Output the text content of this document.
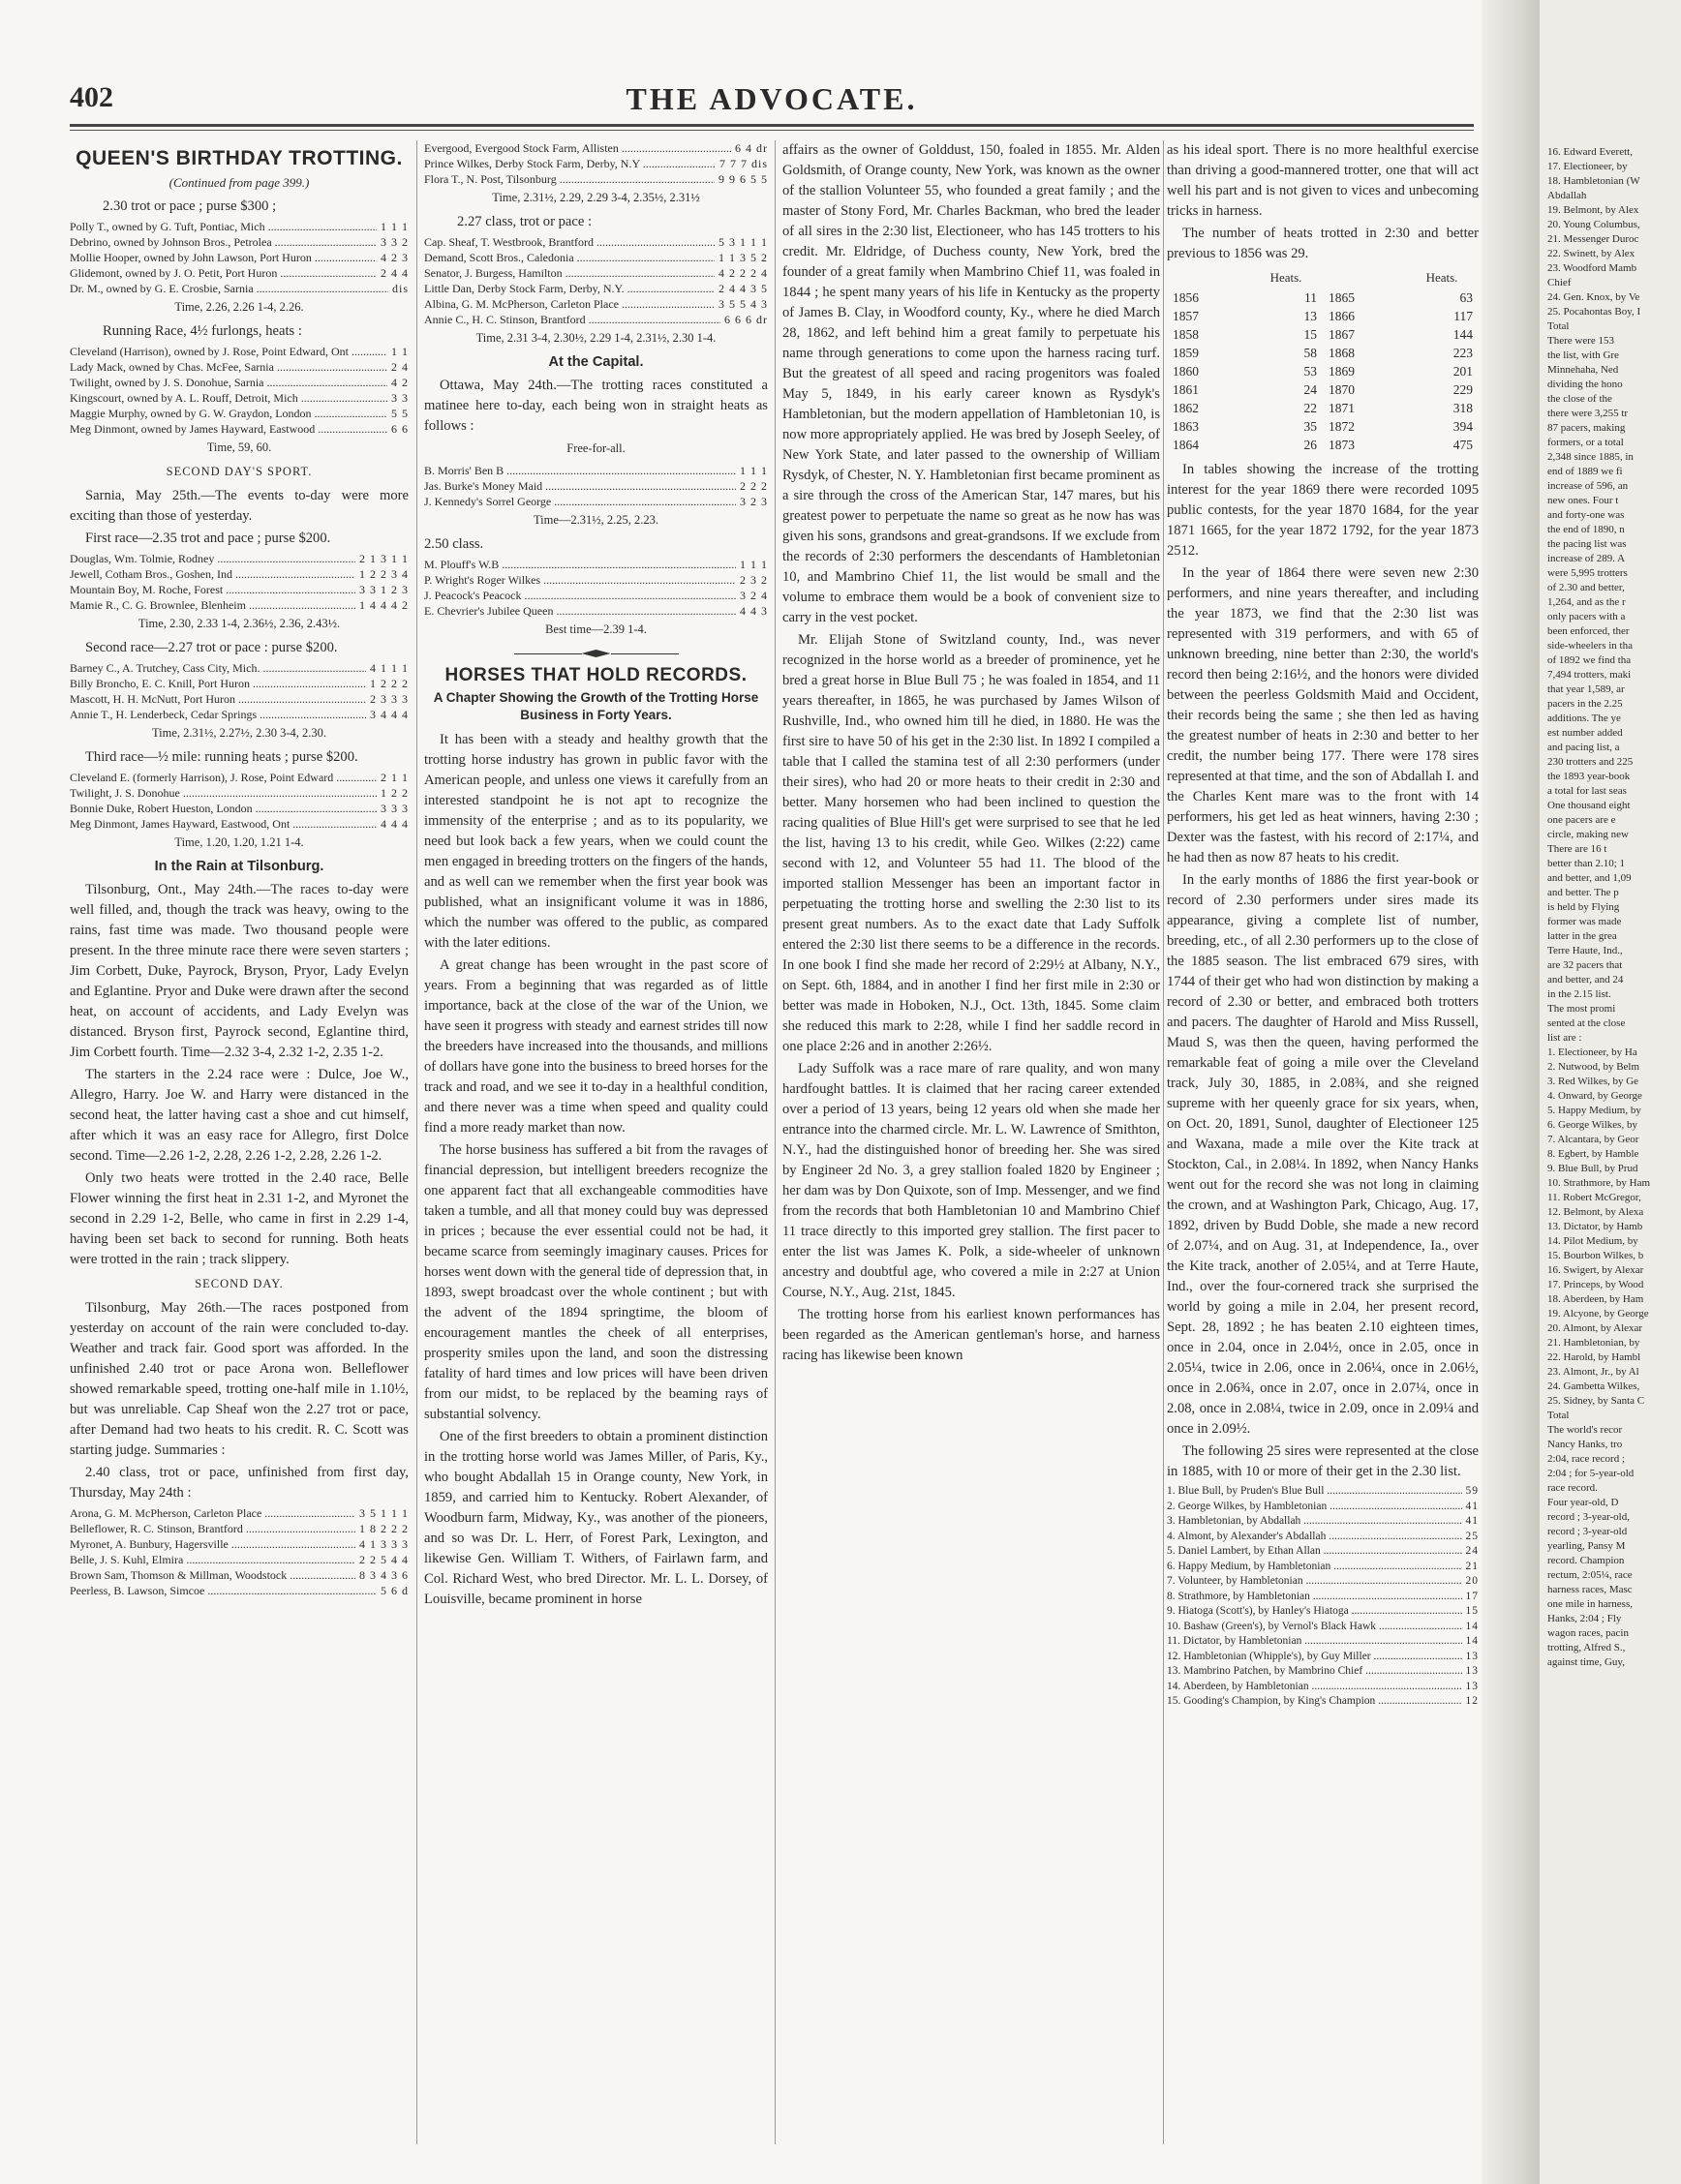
402	THE ADVOCATE.
QUEEN'S BIRTHDAY TROTTING.
(Continued from page 399.)

2.30 trot or pace ; purse $300 ;

Polly T., owned by G. Tuft, Pontiac, Mich .....	1 1 1
Debrino, owned by Johnson Bros., Petrolea .....	3 3 2
Mollie Hooper, owned by John Lawson, Port Huron .....	4 2 3
Glidemont, owned by J. O. Petit, Port Huron .....	2 4 4
Dr. M., owned by G. E. Crosbie, Sarnia .....	dis
Time, 2.26, 2.26 1-4, 2.26.

Running Race, 4½ furlongs, heats :

Cleveland (Harrison), owned by J. Rose, Point Edward, Ont .....	1 1
Lady Mack, owned by Chas. McFee, Sarnia .....	2 4
Twilight, owned by J. S. Donohue, Sarnia .....	4 2
Kingscourt, owned by A. L. Rouff, Detroit, Mich .....	3 3
Maggie Murphy, owned by G. W. Graydon, London .....	5 5
Meg Dinmont, owned by James Hayward, Eastwood .....	6 6
Time, 59, 60.
SECOND DAY'S SPORT.

Sarnia, May 25th.—The events to-day were more exciting than those of yesterday.

First race—2.35 trot and pace ; purse $200.

Douglas, Wm. Tolmie, Rodney .....	2 1 3 1 1
Jewell, Cotham Bros., Goshen, Ind .....	1 2 2 3 4
Mountain Boy, M. Roche, Forest .....	3 3 1 2 3
Mamie R., C. G. Brownlee, Blenheim .....	1 4 4 4 2
Time, 2.30, 2.33 1-4, 2.36½, 2.36, 2.43½.

Second race—2.27 trot or pace : purse $200.

Barney C., A. Trutchey, Cass City, Mich. .....	4 1 1 1
Billy Broncho, E. C. Knill, Port Huron .....	1 2 2 2
Mascott, H. H. McNutt, Port Huron .....	2 3 3 3
Annie T., H. Lenderbeck, Cedar Springs .....	3 4 4 4
Time, 2.31½, 2.27½, 2.30 3-4, 2.30.

Third race—½ mile: running heats ; purse $200.

Cleveland E. (formerly Harrison), J. Rose, Point Edward .....	2 1 1
Twilight, J. S. Donohue .....	1 2 2
Bonnie Duke, Robert Hueston, London .....	3 3 3
Meg Dinmont, James Hayward, Eastwood, Ont .....	4 4 4
Time, 1.20, 1.20, 1.21 1-4.
In the Rain at Tilsonburg.

Tilsonburg, Ont., May 24th.—The races to-day were well filled, and, though the track was heavy, owing to the rains, fast time was made. Two thousand people were present. In the three minute race there were seven starters ; Jim Corbett, Duke, Payrock, Bryson, Pryor, Lady Evelyn and Eglantine. Pryor and Duke were drawn after the second heat, on account of accidents, and Lady Evelyn was distanced. Bryson first, Payrock second, Eglantine third, Jim Corbett fourth. Time—2.32 3-4, 2.32 1-2, 2.35 1-2.

The starters in the 2.24 race were : Dulce, Joe W., Allegro, Harry. Joe W. and Harry were distanced in the second heat, the latter having cast a shoe and cut himself, after which it was an easy race for Allegro, first Dolce second. Time—2.26 1-2, 2.28, 2.26 1-2, 2.28, 2.26 1-2.

Only two heats were trotted in the 2.40 race, Belle Flower winning the first heat in 2.31 1-2, and Myronet the second in 2.29 1-2, Belle, who came in first in 2.29 1-4, having been set back to second for running. Both heats were trotted in the rain ; track slippery.

SECOND DAY.

Tilsonburg, May 26th.—The races postponed from yesterday on account of the rain were concluded to-day. Weather and track fair. Good sport was afforded. In the unfinished 2.40 trot or pace Arona won. Belleflower showed remarkable speed, trotting one-half mile in 1.10½, but was unreliable. Cap Sheaf won the 2.27 trot or pace, after Demand had two heats to his credit. R. C. Scott was starting judge. Summaries :

2.40 class, trot or pace, unfinished from first day, Thursday, May 24th :

Arona, G. M. McPherson, Carleton Place .....	3 5 1 1 1
Belleflower, R. C. Stinson, Brantford .....	1 8 2 2 2
Myronet, A. Bunbury, Hagersville .....	4 1 3 3 3
Belle, J. S. Kuhl, Elmira .....	2 2 5 4 4
Brown Sam, Thomson & Millman, Woodstock .....	8 3 4 3 6
Peerless, B. Lawson, Simcoe .....	5 6 d
Evergood, Evergood Stock Farm, Allisten .....	6 4 dr
Prince Wilkes, Derby Stock Farm, Derby, N.Y .....	7 7 7 dis
Flora T., N. Post, Tilsonburg .....	9 9 6 5 5
Time, 2.31½, 2.29, 2.29 3-4, 2.35½, 2.31½

2.27 class, trot or pace :

Cap. Sheaf, T. Westbrook, Brantford .....	5 3 1 1 1
Demand, Scott Bros., Caledonia .....	1 1 3 5 2
Senator, J. Burgess, Hamilton .....	4 2 2 2 4
Little Dan, Derby Stock Farm, Derby, N.Y. .....	2 4 4 3 5
Albina, G. M. McPherson, Carleton Place .....	3 5 5 4 3
Annie C., H. C. Stinson, Brantford .....	6 6 6 dr
Time, 2.31 3-4, 2.30½, 2.29 1-4, 2.31½, 2.30 1-4.
At the Capital.

Ottawa, May 24th.—The trotting races constituted a matinee here to-day, each being won in straight heats as follows :

Free-for-all.
B. Morris' Ben B .....	1 1 1
Jas. Burke's Money Maid .....	2 2 2
J. Kennedy's Sorrel George .....	3 2 3
Time—2.31½, 2.25, 2.23.

2.50 class.

M. Plouff's W.B .....	1 1 1
P. Wright's Roger Wilkes .....	2 3 2
J. Peacock's Peacock .....	3 2 4
E. Chevrier's Jubilee Queen .....	4 4 3
Best time—2.39 1-4.
HORSES THAT HOLD RECORDS.
A Chapter Showing the Growth of the Trotting Horse Business in Forty Years.

It has been with a steady and healthy growth that the trotting horse industry has grown in public favor with the American people, and unless one views it carefully from an interested standpoint he is not apt to recognize the immensity of the enterprise ; and as to its popularity, we need but look back a few years, when we could count the men engaged in breeding trotters on the fingers of the hands, and as well can we remember when the first year book was published, what an insignificant volume it was in 1886, which the number was offered to the public, as compared with the later editions.

A great change has been wrought in the past score of years. From a beginning that was regarded as of little importance, back at the close of the war of the Union, we have seen it progress with steady and earnest strides till now the breeders have increased into the thousands, and millions of dollars have gone into the business to breed horses for the track and road, and we see it to-day in a healthful condition, and there never was a time when speed and quality could find a more ready market than now.

The horse business has suffered a bit from the ravages of financial depression, but intelligent breeders recognize the one apparent fact that all exchangeable commodities have taken a tumble, and all that money could buy was depressed in prices ; because the ever essential could not be had, it became scarce from seemingly imaginary causes. Prices for horses went down with the general tide of depression that, in 1893, swept broadcast over the whole continent ; but with the advent of the 1894 springtime, the bloom of encouragement mantles the cheek of all enterprises, prosperity smiles upon the land, and soon the distressing fatality of hard times and low prices will have been driven from our midst, to be replaced by the beaming rays of substantial solvency.

One of the first breeders to obtain a prominent distinction in the trotting horse world was James Miller, of Paris, Ky., who bought Abdallah 15 in Orange county, New York, in 1859, and carried him to Kentucky. Robert Alexander, of Woodburn farm, Midway, Ky., was another of the pioneers, and so was Dr. L. Herr, of Forest Park, Lexington, and likewise Gen. William T. Withers, of Fairlawn farm, and Col. Richard West, who bred Director. Mr. L. L. Dorsey, of Louisville, became prominent in horse

affairs as the owner of Golddust, 150, foaled in 1855. Mr. Alden Goldsmith, of Orange county, New York, was known as the owner of the stallion Volunteer 55, who founded a great family ; and the master of Stony Ford, Mr. Charles Backman, who bred the leader of all sires in the 2:30 list, Electioneer, who has 145 trotters to his credit. Mr. Eldridge, of Duchess county, New York, bred the founder of a great family when Mambrino Chief 11, was foaled in 1844 ; he spent many years of his life in Kentucky as the property of James B. Clay, in Woodford county, Ky., where he died March 28, 1862, and left behind him a great family to perpetuate his name through generations to come upon the harness racing turf. But the greatest of all speed and racing progenitors was foaled May 5, 1849, in his early career known as Rysdyk's Hambletonian, but the modern appellation of Hambletonian 10, is now more appropriately applied. He was bred by Joseph Seeley, of New York State, and later passed to the ownership of William Rysdyk, of Chester, N. Y. Hambletonian first became prominent as a sire through the cross of the American Star, 147 mares, but his greatest power to perpetuate the name so great as he now has was given his sons, grandsons and great-grandsons. If we exclude from the records of 2:30 performers the descendants of Hambletonian 10, and Mambrino Chief 11, the list would be small and the volume to embrace them would be a book of convenient size to carry in the vest pocket.

Mr. Elijah Stone of Switzland county, Ind., was never recognized in the horse world as a breeder of prominence, yet he bred a great horse in Blue Bull 75 ; he was foaled in 1854, and 11 years thereafter, in 1865, he was purchased by James Wilson of Rushville, Ind., who owned him till he died, in 1880. He was the first sire to have 50 of his get in the 2:30 list. In 1892 I compiled a table that I called the stamina test of all 2:30 performers (under their sires), who had 20 or more heats to their credit in 2:30 and better. Many horsemen who had been inclined to question the racing qualities of Blue Hill's get were surprised to see that he led the list, having 13 to his credit, while Geo. Wilkes (2:22) came second with 12, and Volunteer 55 had 11. The blood of the imported stallion Messenger has been an important factor in perpetuating the trotting horse and swelling the 2:30 list to its present great numbers. As to the exact date that Lady Suffolk entered the 2:30 list there seems to be a difference in the records. In one book I find she made her record of 2:29½ at Albany, N.Y., on Sept. 6th, 1884, and in another I find her first mile in 2:30 or better was made in Hoboken, N.J., Oct. 13th, 1845. Some claim she reduced this mark to 2:28, while I find her saddle record in one place 2:26 and in another 2:26½.

Lady Suffolk was a race mare of rare quality, and won many hardfought battles. It is claimed that her racing career extended over a period of 13 years, being 12 years old when she made her entrance into the charmed circle. Mr. L. W. Lawrence of Smithton, N.Y., had the distinguished honor of breeding her. She was sired by Engineer 2d No. 3, a grey stallion foaled 1820 by Engineer ; her dam was by Don Quixote, son of Imp. Messenger, and we find from the records that both Hambletonian 10 and Mambrino Chief 11 trace directly to this imported grey stallion. The first pacer to enter the list was James K. Polk, a side-wheeler of unknown ancestry and doubtful age, who covered a mile in 2:27 at Union Course, N.Y., Aug. 21st, 1845.

The trotting horse from his earliest known performances has been regarded as the American gentleman's horse, and harness racing has likewise been known

as his ideal sport. There is no more healthful exercise than driving a good-mannered trotter, one that will act well his part and is not given to vices and unbecoming tricks in harness.

The number of heats trotted in 2:30 and better previous to 1856 was 29.

	Heats.		Heats.
1856	11	1865	63
1857	13	1866	117
1858	15	1867	144
1859	58	1868	223
1860	53	1869	201
1861	24	1870	229
1862	22	1871	318
1863	35	1872	394
1864	26	1873	475

In tables showing the increase of the trotting interest for the year 1869 there were recorded 1095 public contests, for the year 1870 1684, for the year 1871 1665, for the year 1872 1792, for the year 1873 2512.

In the year of 1864 there were seven new 2:30 performers, and nine years thereafter, and including the year 1873, we find that the 2:30 list was represented with 319 performers, and with 65 of unknown breeding, nine better than 2:30, the world's record then being 2:16½, and the honors were divided between the peerless Goldsmith Maid and Occident, their records being the same ; she then led as having the greatest number of heats in 2:30 and better to her credit, the number being 177. There were 178 sires represented at that time, and the son of Abdallah I. and the Charles Kent mare was to the front with 14 performers, his get led as heat winners, having 2:30 ; Dexter was the fastest, with his record of 2:17¼, and he had then as now 87 heats to his credit.

In the early months of 1886 the first year-book or record of 2.30 performers under sires made its appearance, giving a complete list of number, breeding, etc., of all 2.30 performers up to the close of the 1885 season. The list embraced 679 sires, with 1744 of their get who had won distinction by making a record of 2.30 or better, and embraced both trotters and pacers. The daughter of Harold and Miss Russell, Maud S, was then the queen, having performed the remarkable feat of going a mile over the Cleveland track, July 30, 1885, in 2.08¾, and she reigned supreme with her queenly grace for six years, when, on Oct. 20, 1891, Sunol, daughter of Electioneer 125 and Waxana, made a mile over the Kite track at Stockton, Cal., in 2.08¼. In 1892, when Nancy Hanks went out for the record she was not long in claiming the crown, and at Washington Park, Chicago, Aug. 17, 1892, driven by Budd Doble, she made a new record of 2.07¼, and on Aug. 31, at Independence, Ia., over the Kite track, another of 2.05¼, and at Terre Haute, Ind., over the four-cornered track she surprised the world by going a mile in 2.04, her present record, Sept. 28, 1892 ; he has beaten 2.10 eighteen times, once in 2.04, once in 2.04½, once in 2.05, once in 2.05¼, twice in 2.06, once in 2.06¼, once in 2.06½, once in 2.06¾, once in 2.07, once in 2.07¼, once in 2.08, once in 2.08¼, twice in 2.09, once in 2.09¼ and once in 2.09½.

The following 25 sires were represented at the close in 1885, with 10 or more of their get in the 2.30 list.

1. Blue Bull, by Pruden's Blue Bull .....	59
2. George Wilkes, by Hambletonian .....	41
3. Hambletonian, by Abdallah .....	41
4. Almont, by Alexander's Abdallah .....	25
5. Daniel Lambert, by Ethan Allan .....	24
6. Happy Medium, by Hambletonian .....	21
7. Volunteer, by Hambletonian .....	20
8. Strathmore, by Hambletonian .....	17
9. Hiatoga (Scott's), by Hanley's Hiatoga .....	15
10. Bashaw (Green's), by Vernol's Black Hawk .....	14
11. Dictator, by Hambletonian .....	14
12. Hambletonian (Whipple's), by Guy Miller .....	13
13. Mambrino Patchen, by Mambrino Chief .....	13
14. Aberdeen, by Hambletonian .....	13
15. Gooding's Champion, by King's Champion .....	12
16. Edward Everett,
17. Electioneer, by
18. Hambletonian (W
Abdallah
19. Belmont, by Alex
20. Young Columbus,
21. Messenger Duroc
22. Swinett, by Alex
23. Woodford Mamb
Chief
24. Gen. Knox, by Ve
25. Pocahontas Boy, I
Total
There were 153
the list, with Gre
Minnehaha, Ned
dividing the hono
the close of the
there were 3,255 tr
87 pacers, making
formers, or a total
2,348 since 1885, in
end of 1889 we fi
increase of 596, an
new ones. Four t
and forty-one was
the end of 1890, n
the pacing list was
increase of 289. A
were 5,995 trotters
of 2.30 and better,
1,264, and as the r
only pacers with a
been enforced, ther
side-wheelers in tha
of 1892 we find tha
7,494 trotters, maki
that year 1,589, ar
pacers in the 2.25
additions. The ye
est number added
and pacing list, a
230 trotters and 225
the 1893 year-book
a total for last seas
One thousand eight
one pacers are e
circle, making new
There are 16 t
better than 2.10; 1
and better, and 1,09
and better. The p
is held by Flying
former was made
latter in the grea
Terre Haute, Ind.,
are 32 pacers that
and better, and 24
in the 2.15 list.
The most promi
sented at the close
list are :
1. Electioneer, by Ha
2. Nutwood, by Belm
3. Red Wilkes, by Ge
4. Onward, by George
5. Happy Medium, by
6. George Wilkes, by
7. Alcantara, by Geor
8. Egbert, by Hamble
9. Blue Bull, by Prud
10. Strathmore, by Ham
11. Robert McGregor,
12. Belmont, by Alexa
13. Dictator, by Hamb
14. Pilot Medium, by
15. Bourbon Wilkes, b
16. Swigert, by Alexar
17. Princeps, by Wood
18. Aberdeen, by Ham
19. Alcyone, by George
20. Almont, by Alexar
21. Hambletonian, by
22. Harold, by Hambl
23. Almont, Jr., by Al
24. Gambetta Wilkes,
25. Sidney, by Santa C
Total
The world's recor
Nancy Hanks, tro
2:04, race record ;
2:04 ; for 5-year-old
race record.
Four year-old, D
record ; 3-year-old,
record ; 3-year-old
yearling, Pansy M
record. Champion
rectum, 2:05¼, race
harness races, Masc
one mile in harness,
Hanks, 2:04 ; Fly
wagon races, pacin
trotting, Alfred S.,
against time, Guy,
